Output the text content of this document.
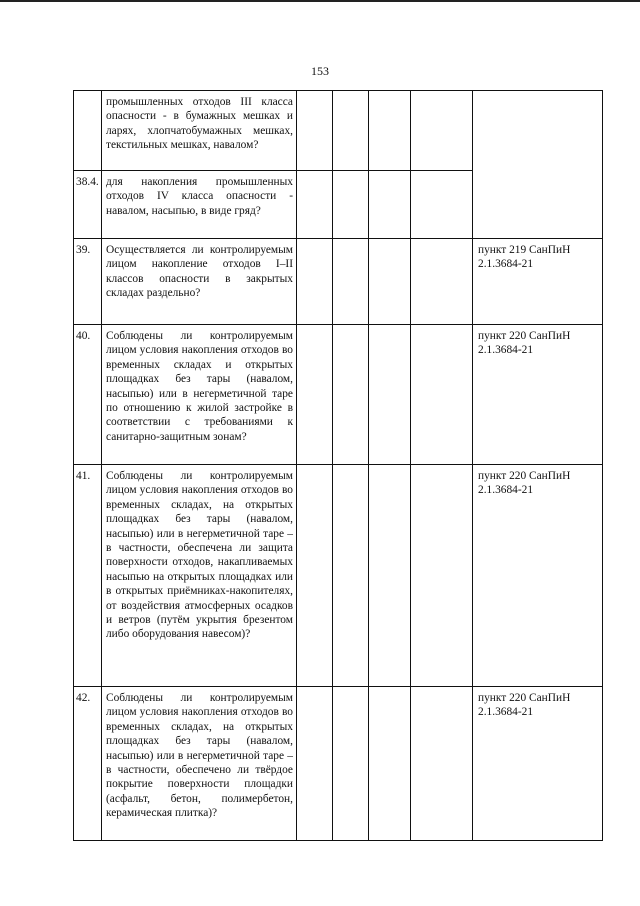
153
	промышленных отходов III класса опасности - в бумажных мешках и ларях, хлопчатобумажных мешках, текстильных мешках, навалом?					
38.4.	для накопления промышленных отходов IV класса опасности - навалом, насыпью, в виде гряд?					
39.	Осуществляется ли контролируемым лицом накопление отходов I–II классов опасности в закрытых складах раздельно?					пункт 219 СанПиН 2.1.3684-21
40.	Соблюдены ли контролируемым лицом условия накопления отходов во временных складах и открытых площадках без тары (навалом, насыпью) или в негерметичной таре по отношению к жилой застройке в соответствии с требованиями к санитарно-защитным зонам?					пункт 220 СанПиН 2.1.3684-21
41.	Соблюдены ли контролируемым лицом условия накопления отходов во временных складах, на открытых площадках без тары (навалом, насыпью) или в негерметичной таре – в частности, обеспечена ли защита поверхности отходов, накапливаемых насыпью на открытых площадках или в открытых приёмниках-накопителях, от воздействия атмосферных осадков и ветров (путём укрытия брезентом либо оборудования навесом)?					пункт 220 СанПиН 2.1.3684-21
42.	Соблюдены ли контролируемым лицом условия накопления отходов во временных складах, на открытых площадках без тары (навалом, насыпью) или в негерметичной таре – в частности, обеспечено ли твёрдое покрытие поверхности площадки (асфальт, бетон, полимербетон, керамическая плитка)?					пункт 220 СанПиН 2.1.3684-21
